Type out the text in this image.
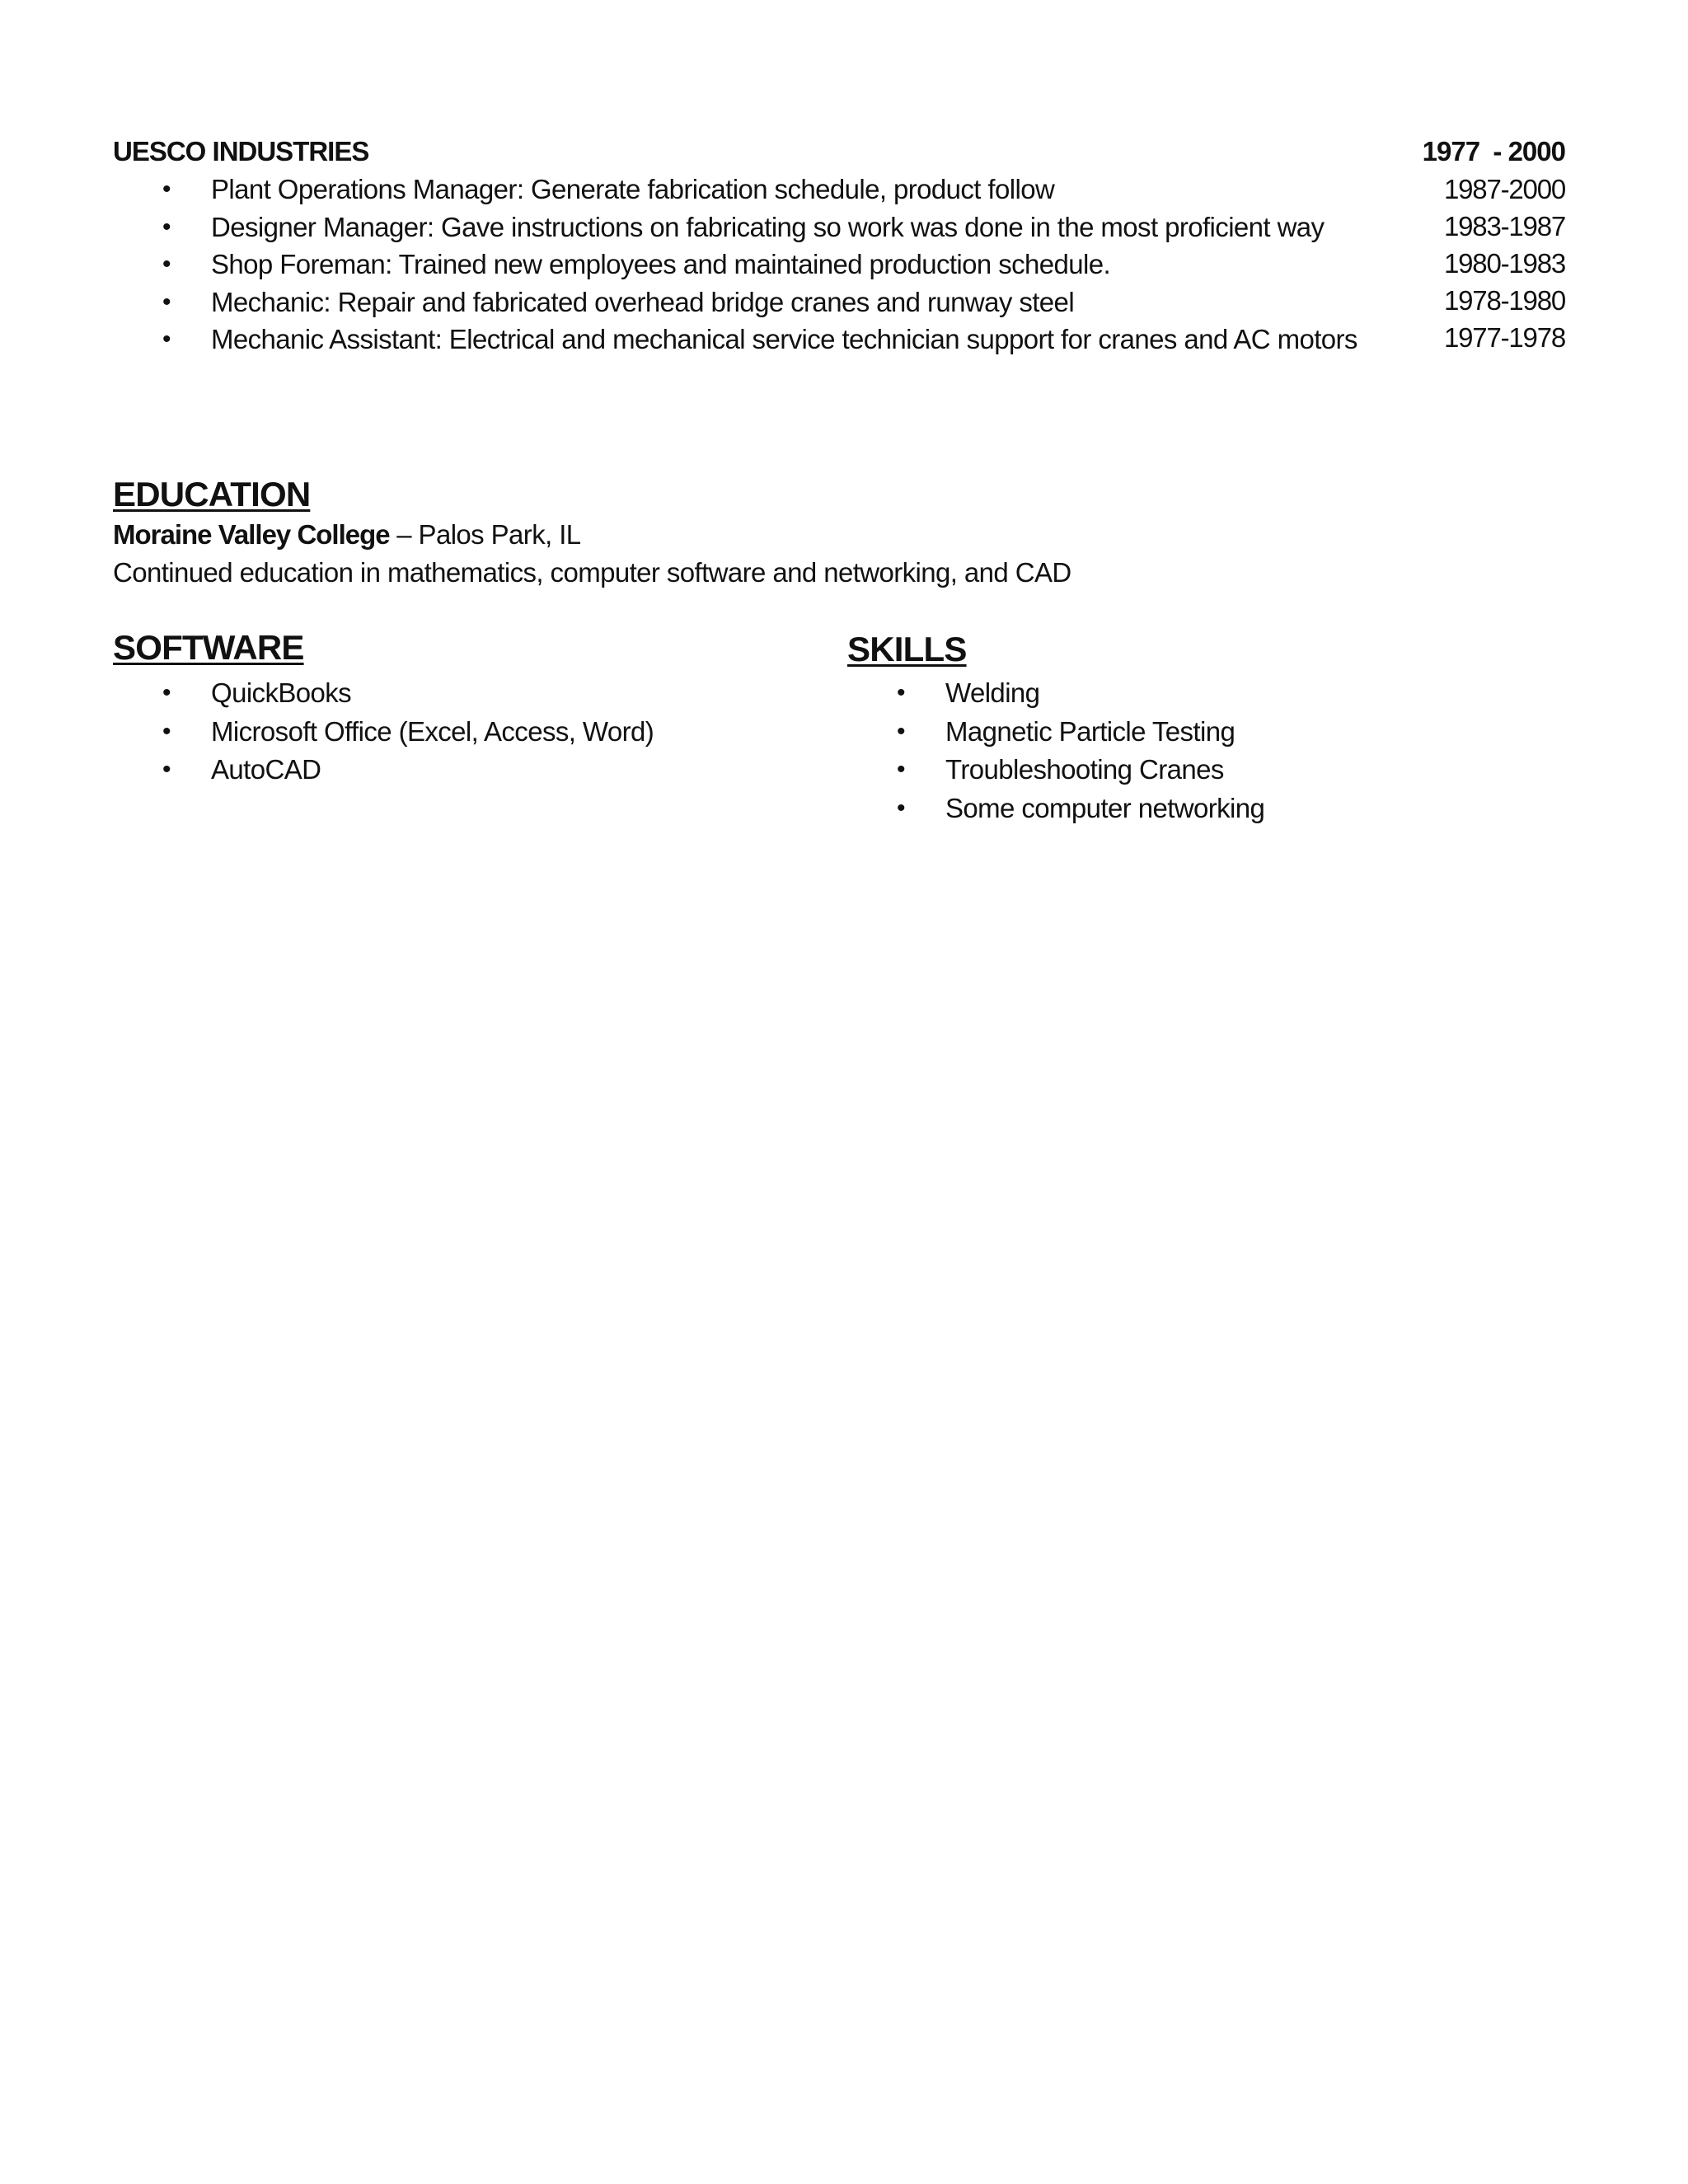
UESCO INDUSTRIES	1977  - 2000
• Plant Operations Manager: Generate fabrication schedule, product follow
• Designer Manager: Gave instructions on fabricating so work was done in the most proficient way
• Shop Foreman: Trained new employees and maintained production schedule.
• Mechanic: Repair and fabricated overhead bridge cranes and runway steel
• Mechanic Assistant: Electrical and mechanical service technician support for cranes and AC motors
1987-2000
1983-1987
1980-1983
1978-1980
1977-1978
EDUCATION
Moraine Valley College – Palos Park, IL
Continued education in mathematics, computer software and networking, and CAD
SOFTWARE
• QuickBooks
• Microsoft Office (Excel, Access, Word)
• AutoCAD
SKILLS
• Welding
• Magnetic Particle Testing
• Troubleshooting Cranes
• Some computer networking
